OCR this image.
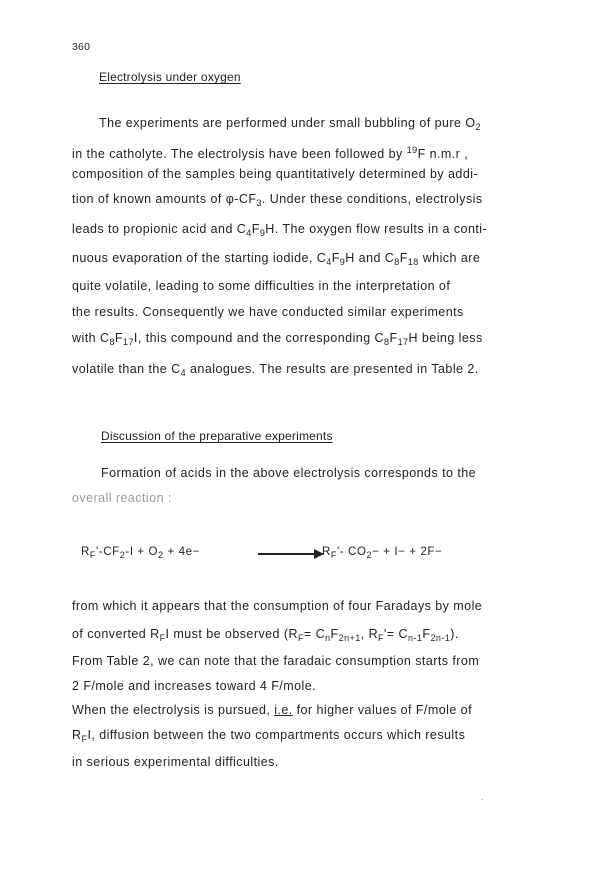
360
Electrolysis under oxygen
The experiments are performed under small bubbling of pure $O_2$
in the catholyte. The electrolysis have been followed by $^{19}$F n.m.r ,
composition of the samples being quantitatively determined by addi-
tion of known amounts of $\varphi-CF_3$. Under these conditions, electrolysis
leads to propionic acid and $C_4F_9H$. The oxygen flow results in a conti-
nuous evaporation of the starting iodide, $C_4F_9H$ and $C_8F_{18}$ which are
quite volatile, leading to some difficulties in the interpretation of
the results. Consequently we have conducted similar experiments
with $C_8F_{17}I$, this compound and the corresponding $C_8F_{17}H$ being less
volatile than the $C_4$ analogues. The results are presented in Table 2.
Discussion of the preparative experiments
Formation of acids in the above electrolysis corresponds to the
overall reaction :
$R_F'-CF_2-I + O_2 + 4e-$	$R_F'-$ $CO_2- + I- + 2F-$
from which it appears that the consumption of four Faradays by mole
of converted $R_FI$ must be observed ($R_F= C_nF_{2n+1}$, $R_F'= C_{n-1}F_{2n-1}$).
From Table 2, we can note that the faradaic consumption starts from
2 F/mole and increases toward 4 F/mole.
When the electrolysis is pursued, i.e. for higher values of F/mole of
$R_FI$, diffusion between the two compartments occurs which results
in serious experimental difficulties.
